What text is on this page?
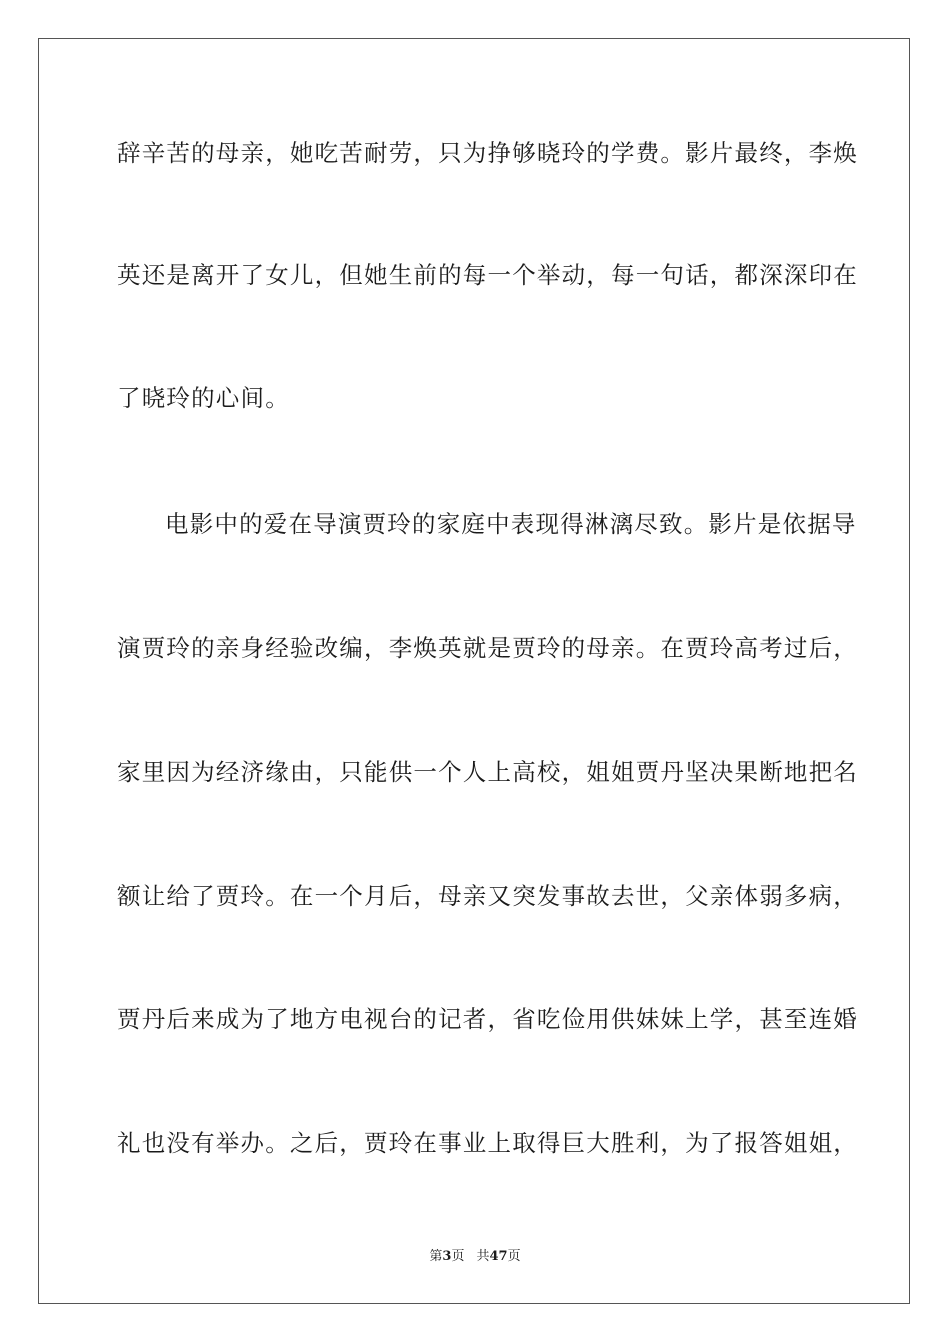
辞辛苦的母亲，她吃苦耐劳，只为挣够晓玲的学费。影片最终，李焕
英还是离开了女儿，但她生前的每一个举动，每一句话，都深深印在
了晓玲的心间。
电影中的爱在导演贾玲的家庭中表现得淋漓尽致。影片是依据导
演贾玲的亲身经验改编，李焕英就是贾玲的母亲。在贾玲高考过后，
家里因为经济缘由，只能供一个人上高校，姐姐贾丹坚决果断地把名
额让给了贾玲。在一个月后，母亲又突发事故去世，父亲体弱多病，
贾丹后来成为了地方电视台的记者，省吃俭用供妹妹上学，甚至连婚
礼也没有举办。之后，贾玲在事业上取得巨大胜利，为了报答姐姐，
第3页 共47页
